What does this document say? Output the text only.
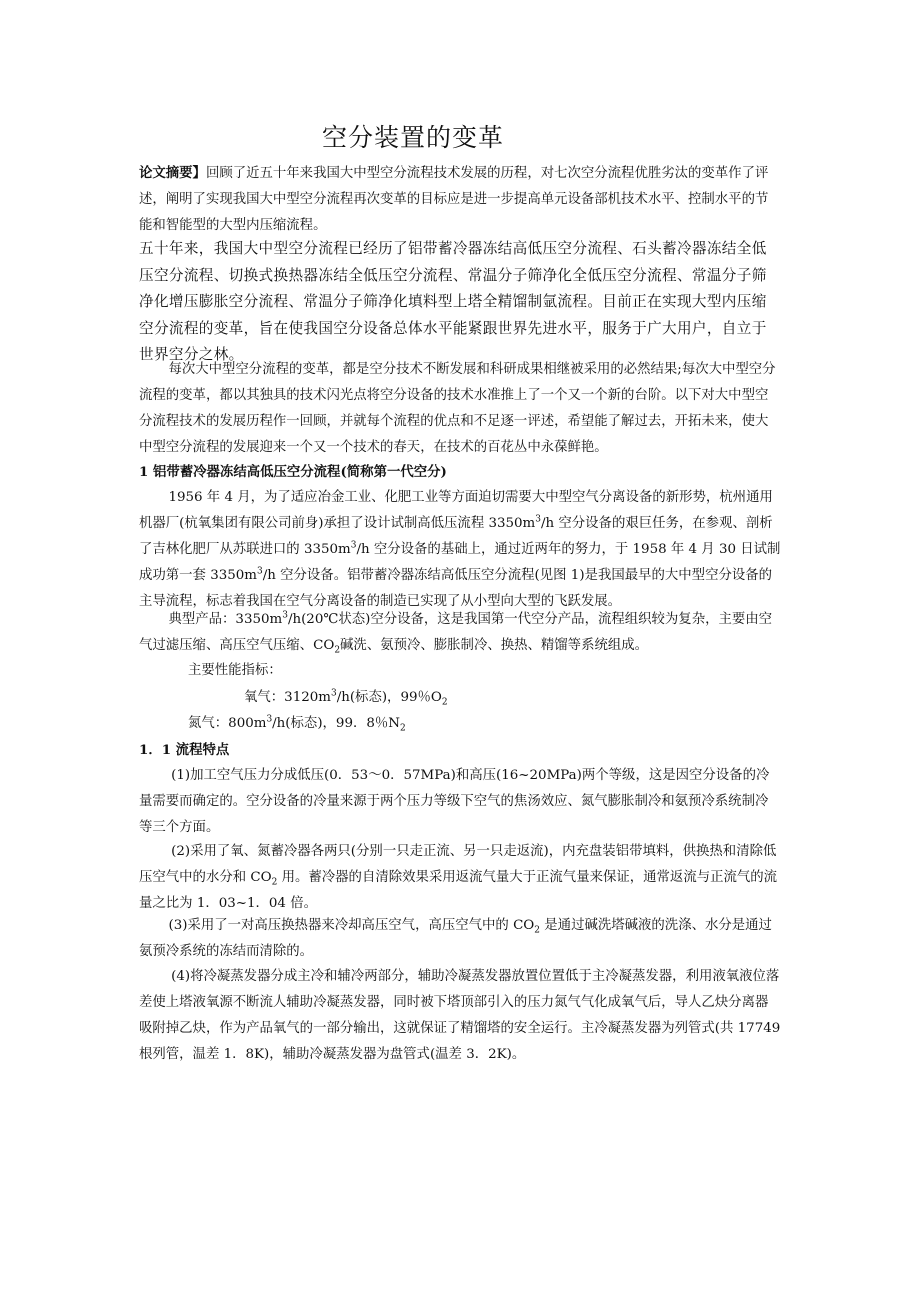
空分装置的变革

论文摘要】回顾了近五十年来我国大中型空分流程技术发展的历程，对七次空分流程优胜劣汰的变革作了评述，阐明了实现我国大中型空分流程再次变革的目标应是进一步提高单元设备部机技术水平、控制水平的节能和智能型的大型内压缩流程。

五十年来，我国大中型空分流程已经历了铝带蓄冷器冻结高低压空分流程、石头蓄冷器冻结全低压空分流程、切换式换热器冻结全低压空分流程、常温分子筛净化全低压空分流程、常温分子筛净化增压膨胀空分流程、常温分子筛净化填料型上塔全精馏制氩流程。目前正在实现大型内压缩空分流程的变革，旨在使我国空分设备总体水平能紧跟世界先进水平，服务于广大用户，自立于世界空分之林。

每次大中型空分流程的变革，都是空分技术不断发展和科研成果相继被采用的必然结果;每次大中型空分流程的变革，都以其独具的技术闪光点将空分设备的技术水准推上了一个又一个新的台阶。以下对大中型空分流程技术的发展历程作一回顾，并就每个流程的优点和不足逐一评述，希望能了解过去，开拓未来，使大中型空分流程的发展迎来一个又一个技术的春天，在技术的百花丛中永葆鲜艳。

1 铝带蓄冷器冻结高低压空分流程(简称第一代空分)

1956 年 4 月，为了适应冶金工业、化肥工业等方面迫切需要大中型空气分离设备的新形势，杭州通用机器厂(杭氧集团有限公司前身)承担了设计试制高低压流程 $3350m^3/h$ 空分设备的艰巨任务，在参观、剖析了吉林化肥厂从苏联进口的 $3350m^3/h$ 空分设备的基础上，通过近两年的努力，于 1958 年 4 月 30 日试制成功第一套 $3350m^3/h$ 空分设备。铝带蓄冷器冻结高低压空分流程(见图 1)是我国最早的大中型空分设备的主导流程，标志着我国在空气分离设备的制造已实现了从小型向大型的飞跃发展。

典型产品：$3350m^3/h(20℃$状态)空分设备，这是我国第一代空分产品，流程组织较为复杂，主要由空气过滤压缩、高压空气压缩、$CO_2$碱洗、氨预冷、膨胀制冷、换热、精馏等系统组成。

主要性能指标：

氧气：$3120m^3/h$(标态)，99％$O_2$

氮气：$800m^3/h$(标态)，99．8％$N_2$

1．1 流程特点

(1)加工空气压力分成低压(0．53～0．57MPa)和高压(16~20MPa)两个等级，这是因空分设备的冷量需要而确定的。空分设备的冷量来源于两个压力等级下空气的焦汤效应、氮气膨胀制冷和氨预冷系统制冷等三个方面。

(2)采用了氧、氮蓄冷器各两只(分别一只走正流、另一只走返流)，内充盘装铝带填料，供换热和清除低压空气中的水分和 $CO_2$ 用。蓄冷器的自清除效果采用返流气量大于正流气量来保证，通常返流与正流气的流量之比为 1．03~1．04 倍。

(3)采用了一对高压换热器来冷却高压空气，高压空气中的 $CO_2$ 是通过碱洗塔碱液的洗涤、水分是通过氨预冷系统的冻结而清除的。

(4)将冷凝蒸发器分成主冷和辅冷两部分，辅助冷凝蒸发器放置位置低于主冷凝蒸发器，利用液氧液位落差使上塔液氧源不断流人辅助冷凝蒸发器，同时被下塔顶部引入的压力氮气气化成氧气后，导人乙炔分离器吸附掉乙炔，作为产品氧气的一部分输出，这就保证了精馏塔的安全运行。主冷凝蒸发器为列管式(共 17749 根列管，温差 1．8K)，辅助冷凝蒸发器为盘管式(温差 3．2K)。
